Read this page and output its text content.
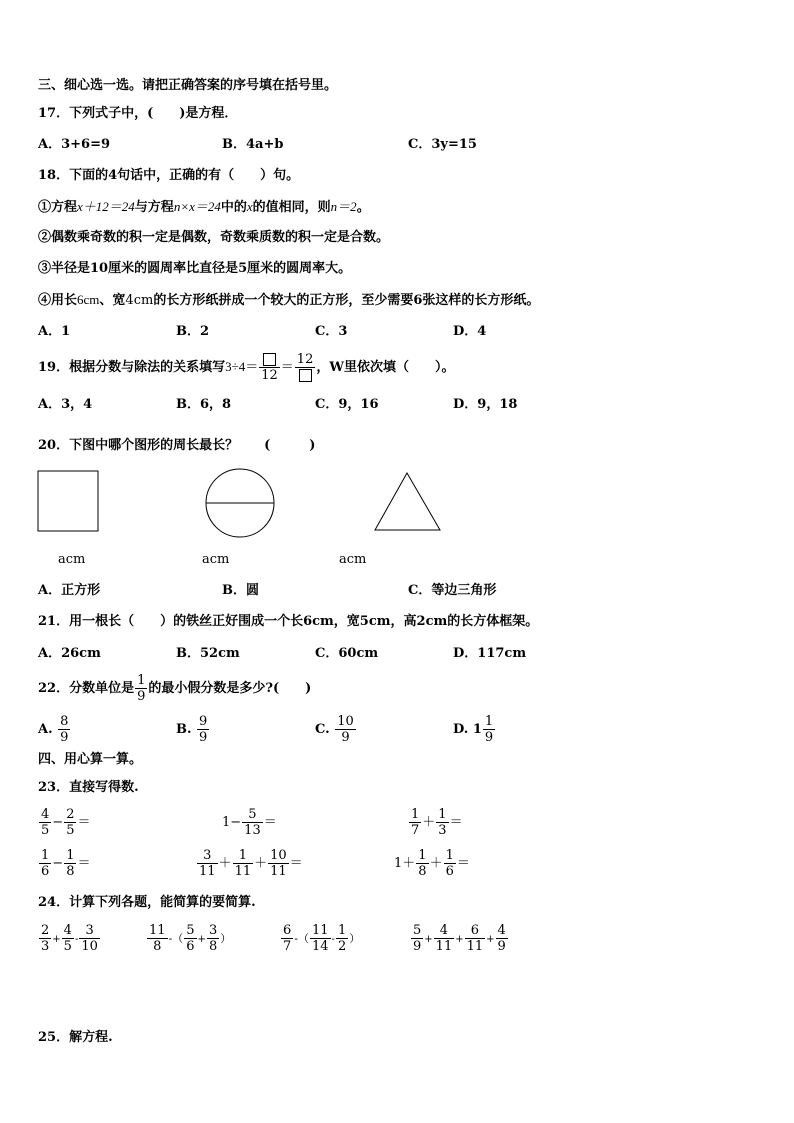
三、细心选一选。请把正确答案的序号填在括号里。
17．下列式子中，(　　)是方程．
A．3+6=9	B．4a+b	C．3y=15
18．下面的4句话中，正确的有（　　）句。
①方程x＋12＝24与方程n×x＝24中的x的值相同，则n＝2。
②偶数乘奇数的积一定是偶数，奇数乘质数的积一定是合数。
③半径是10厘米的圆周率比直径是5厘米的圆周率大。
④用长6cm、宽4cm的长方形纸拼成一个较大的正方形，至少需要6张这样的长方形纸。
A．1	B．2	C．3	D．4
19．根据分数与除法的关系填写3÷4＝
12
＝
12
，W里依次填（　　）。
A．3，4	B．6，8	C．9，16	D．9，18
20．下图中哪个图形的周长最长？　　(　　　)
acm	acm	acm
A．正方形	B．圆	C．等边三角形
21．用一根长（　　）的铁丝正好围成一个长6cm，宽5cm，高2cm的长方体框架。
A．26cm	B．52cm	C．60cm	D．117cm
22．分数单位是 $\frac{1}{9}$ 的最小假分数是多少?(　　)
A. $\frac{8}{9}$	B. $\frac{9}{9}$	C. $\frac{10}{9}$	D. $1 \frac{1}{9}$
四、用心算一算。
23．直接写得数.
$\frac{4}{5} - \frac{2}{5}$ ＝	$1- \frac{5}{13}$ ＝	$\frac{1}{7} + \frac{1}{3}$ ＝
$\frac{1}{6} - \frac{1}{8}$ ＝	$\frac{3}{11} + \frac{1}{11} + \frac{10}{11}$ ＝	$1+ \frac{1}{8} + \frac{1}{6}$ ＝
24．计算下列各题，能简算的要简算.
$\frac{2}{3} + \frac{4}{5} - \frac{3}{10}$	$\frac{11}{8}$ -（ $\frac{5}{6} + \frac{3}{8}$ ）	$\frac{6}{7}$ -（ $\frac{11}{14} - \frac{1}{2}$ ）	$\frac{5}{9} + \frac{4}{11} + \frac{6}{11} + \frac{4}{9}$
25．解方程.
